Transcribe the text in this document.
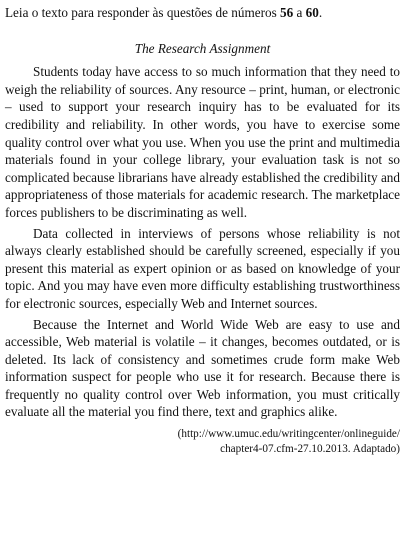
Leia o texto para responder às questões de números 56 a 60.

The Research Assignment

Students today have access to so much information that they need to weigh the reliability of sources. Any resource – print, human, or electronic – used to support your research inquiry has to be evaluated for its credibility and reliability. In other words, you have to exercise some quality control over what you use. When you use the print and multimedia materials found in your college library, your evaluation task is not so complicated because librarians have already established the credibility and appropriateness of those materials for academic research. The marketplace forces publishers to be discriminating as well.

Data collected in interviews of persons whose reliability is not always clearly established should be carefully screened, especially if you present this material as expert opinion or as based on knowledge of your topic. And you may have even more difficulty establishing trustworthiness for electronic sources, especially Web and Internet sources.

Because the Internet and World Wide Web are easy to use and accessible, Web material is volatile – it changes, becomes outdated, or is deleted. Its lack of consistency and sometimes crude form make Web information suspect for people who use it for research. Because there is frequently no quality control over Web information, you must critically evaluate all the material you find there, text and graphics alike.

(http://www.umuc.edu/writingcenter/onlineguide/
chapter4-07.cfm-27.10.2013. Adaptado)
